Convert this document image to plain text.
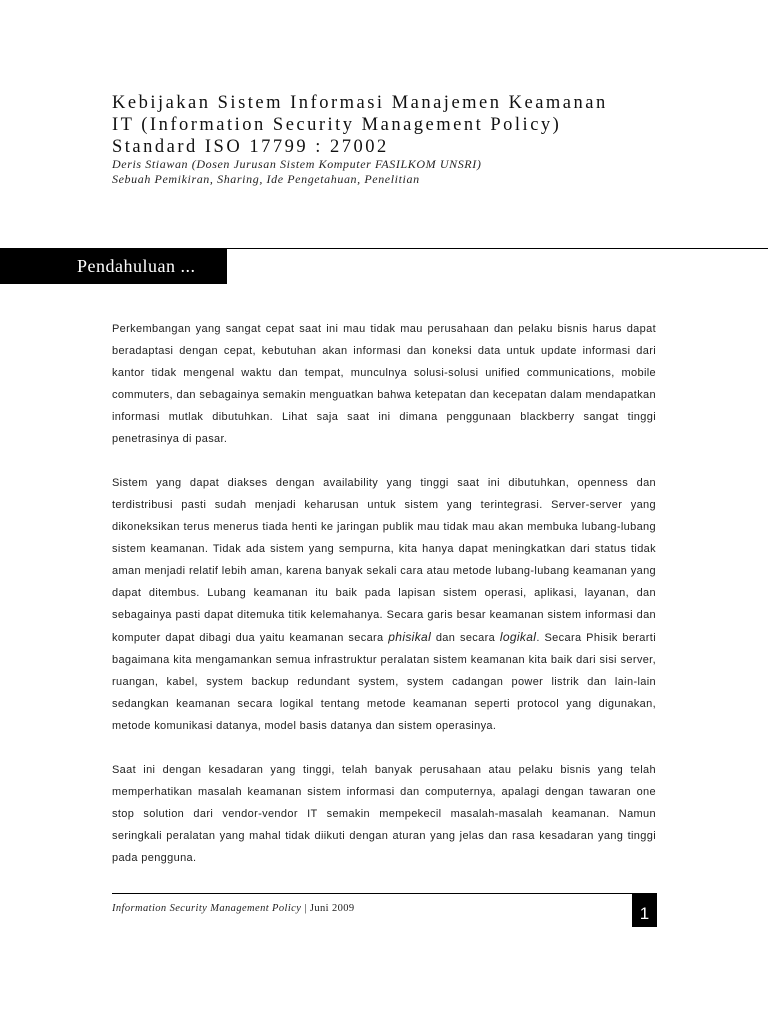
Kebijakan Sistem Informasi Manajemen Keamanan
IT (Information Security Management Policy)
Standard ISO 17799 : 27002
Deris Stiawan (Dosen Jurusan Sistem Komputer FASILKOM UNSRI)
Sebuah Pemikiran, Sharing, Ide Pengetahuan, Penelitian
Pendahuluan ...

Perkembangan yang sangat cepat saat ini mau tidak mau perusahaan dan pelaku bisnis harus dapat beradaptasi dengan cepat, kebutuhan akan informasi dan koneksi data untuk update informasi dari kantor tidak mengenal waktu dan tempat, munculnya solusi-solusi unified communications, mobile commuters, dan sebagainya semakin menguatkan bahwa ketepatan dan kecepatan dalam mendapatkan informasi mutlak dibutuhkan. Lihat saja saat ini dimana penggunaan blackberry sangat tinggi penetrasinya di pasar.

Sistem yang dapat diakses dengan availability yang tinggi saat ini dibutuhkan, openness dan terdistribusi pasti sudah menjadi keharusan untuk sistem yang terintegrasi. Server-server yang dikoneksikan terus menerus tiada henti ke jaringan publik mau tidak mau akan membuka lubang-lubang sistem keamanan. Tidak ada sistem yang sempurna, kita hanya dapat meningkatkan dari status tidak aman menjadi relatif lebih aman, karena banyak sekali cara atau metode lubang-lubang keamanan yang dapat ditembus. Lubang keamanan itu baik pada lapisan sistem operasi, aplikasi, layanan, dan sebagainya pasti dapat ditemuka titik kelemahanya. Secara garis besar keamanan sistem informasi dan komputer dapat dibagi dua yaitu keamanan secara phisikal dan secara logikal. Secara Phisik berarti bagaimana kita mengamankan semua infrastruktur peralatan sistem keamanan kita baik dari sisi server, ruangan, kabel, system backup redundant system, system cadangan power listrik dan lain-lain sedangkan keamanan secara logikal tentang metode keamanan seperti protocol yang digunakan, metode komunikasi datanya, model basis datanya dan sistem operasinya.

Saat ini dengan kesadaran yang tinggi, telah banyak perusahaan atau pelaku bisnis yang telah memperhatikan masalah keamanan sistem informasi dan computernya, apalagi dengan tawaran one stop solution dari vendor-vendor IT semakin mempekecil masalah-masalah keamanan. Namun seringkali peralatan yang mahal tidak diikuti dengan aturan yang jelas dan rasa kesadaran yang tinggi pada pengguna.

Information Security Management Policy | Juni 2009	1
